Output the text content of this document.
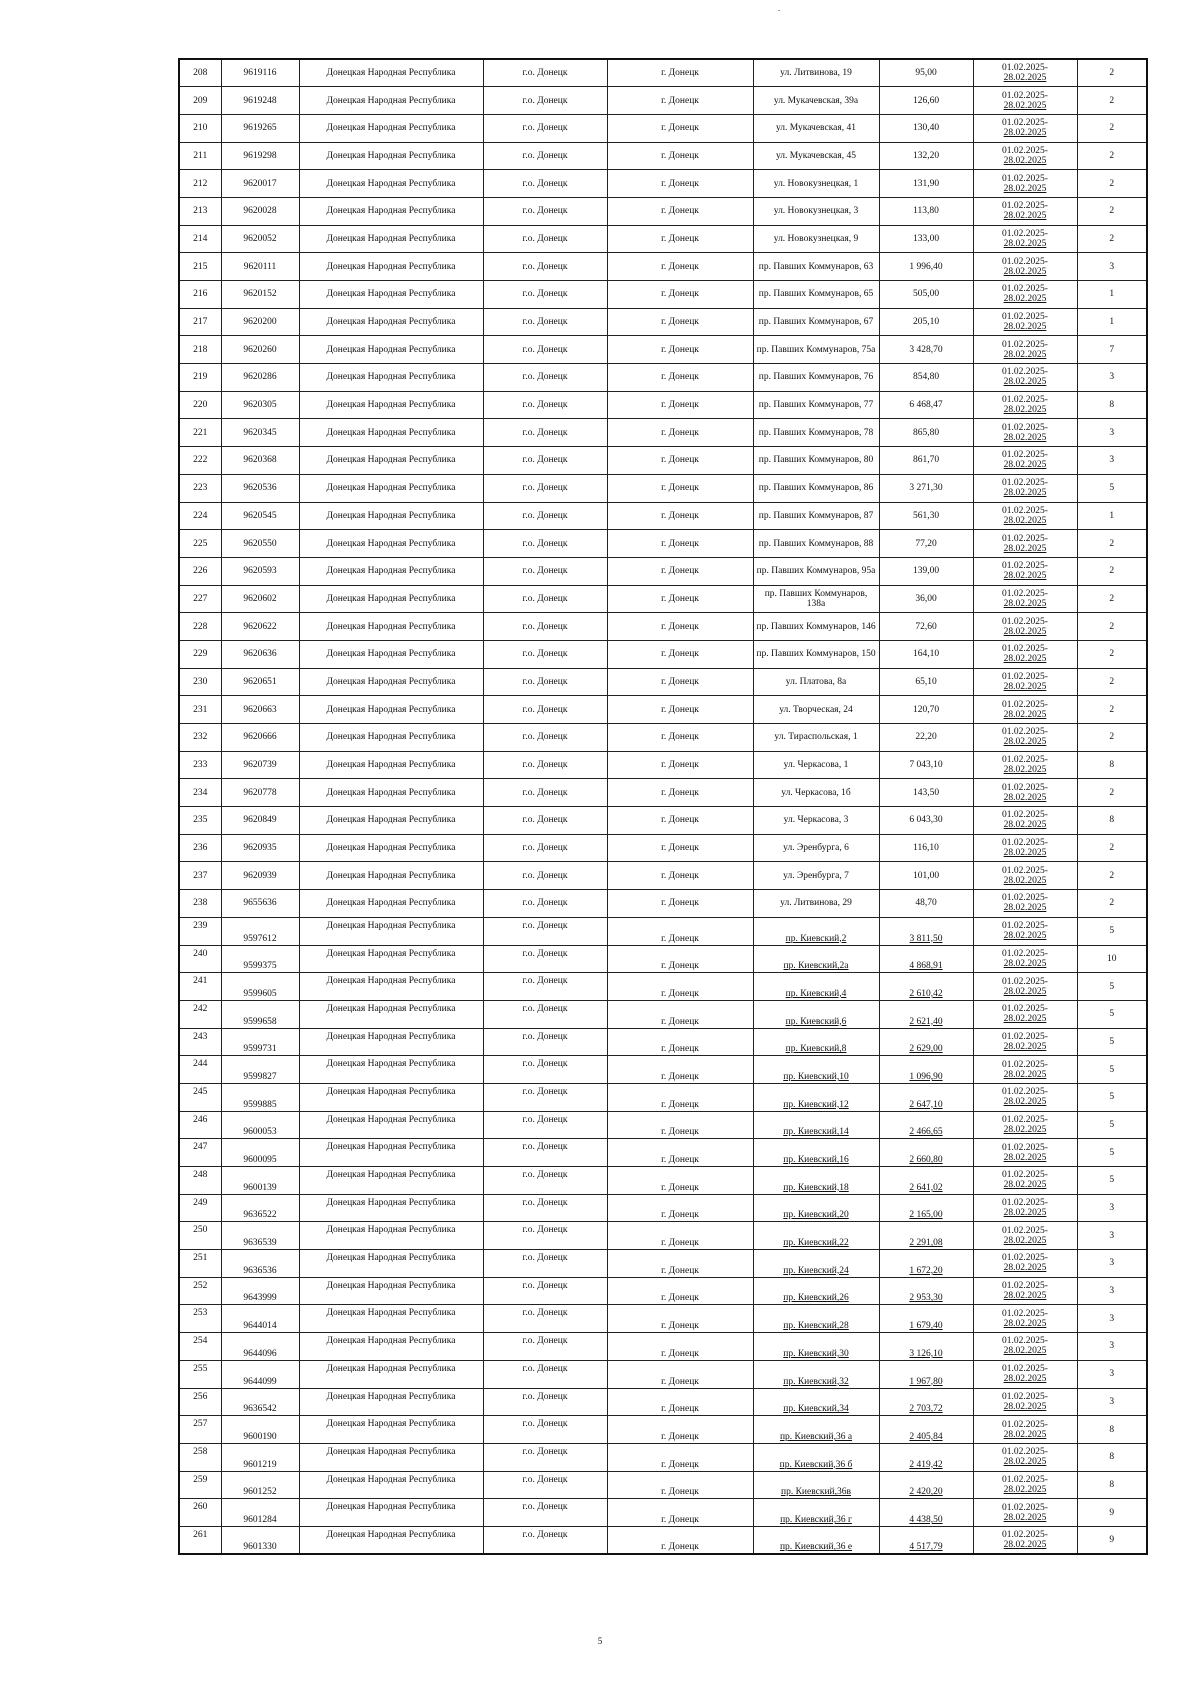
208	9619116	Донецкая Народная Республика	г.о. Донецк	г. Донецк	ул. Литвинова, 19	95,00	01.02.2025-
28.02.2025	2
209	9619248	Донецкая Народная Республика	г.о. Донецк	г. Донецк	ул. Мукачевская, 39а	126,60	01.02.2025-
28.02.2025	2
210	9619265	Донецкая Народная Республика	г.о. Донецк	г. Донецк	ул. Мукачевская, 41	130,40	01.02.2025-
28.02.2025	2
211	9619298	Донецкая Народная Республика	г.о. Донецк	г. Донецк	ул. Мукачевская, 45	132,20	01.02.2025-
28.02.2025	2
212	9620017	Донецкая Народная Республика	г.о. Донецк	г. Донецк	ул. Новокузнецкая, 1	131,90	01.02.2025-
28.02.2025	2
213	9620028	Донецкая Народная Республика	г.о. Донецк	г. Донецк	ул. Новокузнецкая, 3	113,80	01.02.2025-
28.02.2025	2
214	9620052	Донецкая Народная Республика	г.о. Донецк	г. Донецк	ул. Новокузнецкая, 9	133,00	01.02.2025-
28.02.2025	2
215	9620111	Донецкая Народная Республика	г.о. Донецк	г. Донецк	пр. Павших Коммунаров, 63	1 996,40	01.02.2025-
28.02.2025	3
216	9620152	Донецкая Народная Республика	г.о. Донецк	г. Донецк	пр. Павших Коммунаров, 65	505,00	01.02.2025-
28.02.2025	1
217	9620200	Донецкая Народная Республика	г.о. Донецк	г. Донецк	пр. Павших Коммунаров, 67	205,10	01.02.2025-
28.02.2025	1
218	9620260	Донецкая Народная Республика	г.о. Донецк	г. Донецк	пр. Павших Коммунаров, 75а	3 428,70	01.02.2025-
28.02.2025	7
219	9620286	Донецкая Народная Республика	г.о. Донецк	г. Донецк	пр. Павших Коммунаров, 76	854,80	01.02.2025-
28.02.2025	3
220	9620305	Донецкая Народная Республика	г.о. Донецк	г. Донецк	пр. Павших Коммунаров, 77	6 468,47	01.02.2025-
28.02.2025	8
221	9620345	Донецкая Народная Республика	г.о. Донецк	г. Донецк	пр. Павших Коммунаров, 78	865,80	01.02.2025-
28.02.2025	3
222	9620368	Донецкая Народная Республика	г.о. Донецк	г. Донецк	пр. Павших Коммунаров, 80	861,70	01.02.2025-
28.02.2025	3
223	9620536	Донецкая Народная Республика	г.о. Донецк	г. Донецк	пр. Павших Коммунаров, 86	3 271,30	01.02.2025-
28.02.2025	5
224	9620545	Донецкая Народная Республика	г.о. Донецк	г. Донецк	пр. Павших Коммунаров, 87	561,30	01.02.2025-
28.02.2025	1
225	9620550	Донецкая Народная Республика	г.о. Донецк	г. Донецк	пр. Павших Коммунаров, 88	77,20	01.02.2025-
28.02.2025	2
226	9620593	Донецкая Народная Республика	г.о. Донецк	г. Донецк	пр. Павших Коммунаров, 95а	139,00	01.02.2025-
28.02.2025	2
227	9620602	Донецкая Народная Республика	г.о. Донецк	г. Донецк	пр. Павших Коммунаров, 138а	36,00	01.02.2025-
28.02.2025	2
228	9620622	Донецкая Народная Республика	г.о. Донецк	г. Донецк	пр. Павших Коммунаров, 146	72,60	01.02.2025-
28.02.2025	2
229	9620636	Донецкая Народная Республика	г.о. Донецк	г. Донецк	пр. Павших Коммунаров, 150	164,10	01.02.2025-
28.02.2025	2
230	9620651	Донецкая Народная Республика	г.о. Донецк	г. Донецк	ул. Платова, 8а	65,10	01.02.2025-
28.02.2025	2
231	9620663	Донецкая Народная Республика	г.о. Донецк	г. Донецк	ул. Творческая, 24	120,70	01.02.2025-
28.02.2025	2
232	9620666	Донецкая Народная Республика	г.о. Донецк	г. Донецк	ул. Тираспольская, 1	22,20	01.02.2025-
28.02.2025	2
233	9620739	Донецкая Народная Республика	г.о. Донецк	г. Донецк	ул. Черкасова, 1	7 043,10	01.02.2025-
28.02.2025	8
234	9620778	Донецкая Народная Республика	г.о. Донецк	г. Донецк	ул. Черкасова, 1б	143,50	01.02.2025-
28.02.2025	2
235	9620849	Донецкая Народная Республика	г.о. Донецк	г. Донецк	ул. Черкасова, 3	6 043,30	01.02.2025-
28.02.2025	8
236	9620935	Донецкая Народная Республика	г.о. Донецк	г. Донецк	ул. Эренбурга, 6	116,10	01.02.2025-
28.02.2025	2
237	9620939	Донецкая Народная Республика	г.о. Донецк	г. Донецк	ул. Эренбурга, 7	101,00	01.02.2025-
28.02.2025	2
238	9655636	Донецкая Народная Республика	г.о. Донецк	г. Донецк	ул. Литвинова, 29	48,70	01.02.2025-
28.02.2025	2
239	9597612	Донецкая Народная Республика	г.о. Донецк	г. Донецк	пр. Киевский,2	3 811,50	01.02.2025-
28.02.2025	5
240	9599375	Донецкая Народная Республика	г.о. Донецк	г. Донецк	пр. Киевский,2а	4 868,91	01.02.2025-
28.02.2025	10
241	9599605	Донецкая Народная Республика	г.о. Донецк	г. Донецк	пр. Киевский,4	2 610,42	01.02.2025-
28.02.2025	5
242	9599658	Донецкая Народная Республика	г.о. Донецк	г. Донецк	пр. Киевский,6	2 621,40	01.02.2025-
28.02.2025	5
243	9599731	Донецкая Народная Республика	г.о. Донецк	г. Донецк	пр. Киевский,8	2 629,00	01.02.2025-
28.02.2025	5
244	9599827	Донецкая Народная Республика	г.о. Донецк	г. Донецк	пр. Киевский,10	1 096,90	01.02.2025-
28.02.2025	5
245	9599885	Донецкая Народная Республика	г.о. Донецк	г. Донецк	пр. Киевский,12	2 647,10	01.02.2025-
28.02.2025	5
246	9600053	Донецкая Народная Республика	г.о. Донецк	г. Донецк	пр. Киевский,14	2 466,65	01.02.2025-
28.02.2025	5
247	9600095	Донецкая Народная Республика	г.о. Донецк	г. Донецк	пр. Киевский,16	2 660,80	01.02.2025-
28.02.2025	5
248	9600139	Донецкая Народная Республика	г.о. Донецк	г. Донецк	пр. Киевский,18	2 641,02	01.02.2025-
28.02.2025	5
249	9636522	Донецкая Народная Республика	г.о. Донецк	г. Донецк	пр. Киевский,20	2 165,00	01.02.2025-
28.02.2025	3
250	9636539	Донецкая Народная Республика	г.о. Донецк	г. Донецк	пр. Киевский,22	2 291,08	01.02.2025-
28.02.2025	3
251	9636536	Донецкая Народная Республика	г.о. Донецк	г. Донецк	пр. Киевский,24	1 672,20	01.02.2025-
28.02.2025	3
252	9643999	Донецкая Народная Республика	г.о. Донецк	г. Донецк	пр. Киевский,26	2 953,30	01.02.2025-
28.02.2025	3
253	9644014	Донецкая Народная Республика	г.о. Донецк	г. Донецк	пр. Киевский,28	1 679,40	01.02.2025-
28.02.2025	3
254	9644096	Донецкая Народная Республика	г.о. Донецк	г. Донецк	пр. Киевский,30	3 126,10	01.02.2025-
28.02.2025	3
255	9644099	Донецкая Народная Республика	г.о. Донецк	г. Донецк	пр. Киевский,32	1 967,80	01.02.2025-
28.02.2025	3
256	9636542	Донецкая Народная Республика	г.о. Донецк	г. Донецк	пр. Киевский,34	2 703,72	01.02.2025-
28.02.2025	3
257	9600190	Донецкая Народная Республика	г.о. Донецк	г. Донецк	пр. Киевский,36 а	2 405,84	01.02.2025-
28.02.2025	8
258	9601219	Донецкая Народная Республика	г.о. Донецк	г. Донецк	пр. Киевский,36 б	2 419,42	01.02.2025-
28.02.2025	8
259	9601252	Донецкая Народная Республика	г.о. Донецк	г. Донецк	пр. Киевский,36в	2 420,20	01.02.2025-
28.02.2025	8
260	9601284	Донецкая Народная Республика	г.о. Донецк	г. Донецк	пр. Киевский,36 г	4 438,50	01.02.2025-
28.02.2025	9
261	9601330	Донецкая Народная Республика	г.о. Донецк	г. Донецк	пр. Киевский,36 е	4 517,79	01.02.2025-
28.02.2025	9
5
